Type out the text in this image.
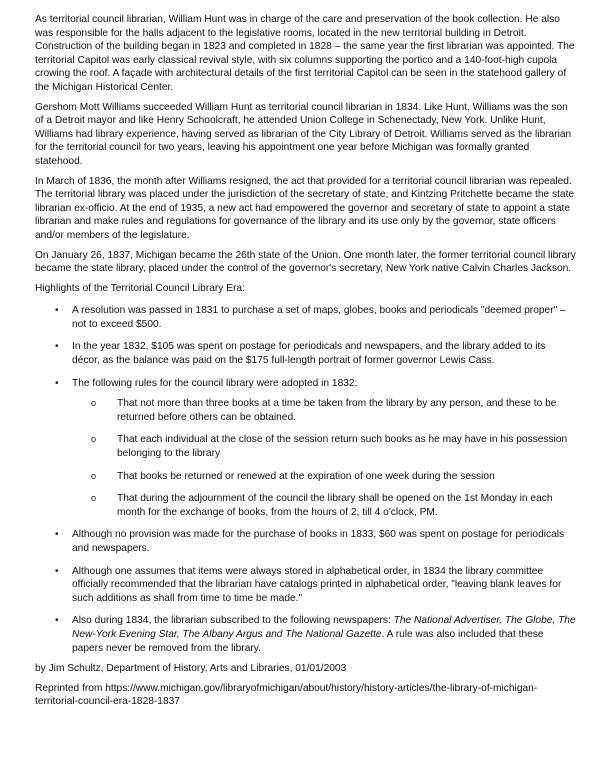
As territorial council librarian, William Hunt was in charge of the care and preservation of the book collection. He also was responsible for the halls adjacent to the legislative rooms, located in the new territorial building in Detroit. Construction of the building began in 1823 and completed in 1828 – the same year the first librarian was appointed. The territorial Capitol was early classical revival style, with six columns supporting the portico and a 140-foot-high cupola crowing the roof. A façade with architectural details of the first territorial Capitol can be seen in the statehood gallery of the Michigan Historical Center.

Gershom Mott Williams succeeded William Hunt as territorial council librarian in 1834. Like Hunt, Williams was the son of a Detroit mayor and like Henry Schoolcraft, he attended Union College in Schenectady, New York. Unlike Hunt, Williams had library experience, having served as librarian of the City Library of Detroit. Williams served as the librarian for the territorial council for two years, leaving his appointment one year before Michigan was formally granted statehood.

In March of 1836, the month after Williams resigned, the act that provided for a territorial council librarian was repealed. The territorial library was placed under the jurisdiction of the secretary of state, and Kintzing Pritchette became the state librarian ex-officio. At the end of 1935, a new act had empowered the governor and secretary of state to appoint a state librarian and make rules and regulations for governance of the library and its use only by the governor, state officers and/or members of the legislature.

On January 26, 1837, Michigan became the 26th state of the Union. One month later, the former territorial council library became the state library, placed under the control of the governor's secretary, New York native Calvin Charles Jackson.

Highlights of the Territorial Council Library Era:

• A resolution was passed in 1831 to purchase a set of maps, globes, books and periodicals "deemed proper" – not to exceed $500.
• In the year 1832, $105 was spent on postage for periodicals and newspapers, and the library added to its décor, as the balance was paid on the $175 full-length portrait of former governor Lewis Cass.
• The following rules for the council library were adopted in 1832:
o That not more than three books at a time be taken from the library by any person, and these to be returned before others can be obtained.
o That each individual at the close of the session return such books as he may have in his possession belonging to the library
o That books be returned or renewed at the expiration of one week during the session
o That during the adjournment of the council the library shall be opened on the 1st Monday in each month for the exchange of books, from the hours of 2, till 4 o'clock, PM.
• Although no provision was made for the purchase of books in 1833, $60 was spent on postage for periodicals and newspapers.
• Although one assumes that items were always stored in alphabetical order, in 1834 the library committee officially recommended that the librarian have catalogs printed in alphabetical order, "leaving blank leaves for such additions as shall from time to time be made."
• Also during 1834, the librarian subscribed to the following newspapers: The National Advertiser, The Globe, The New-York Evening Star, The Albany Argus and The National Gazette. A rule was also included that these papers never be removed from the library.

by Jim Schultz, Department of History, Arts and Libraries, 01/01/2003

Reprinted from https://www.michigan.gov/libraryofmichigan/about/history/history-articles/the-library-of-michigan-territorial-council-era-1828-1837
